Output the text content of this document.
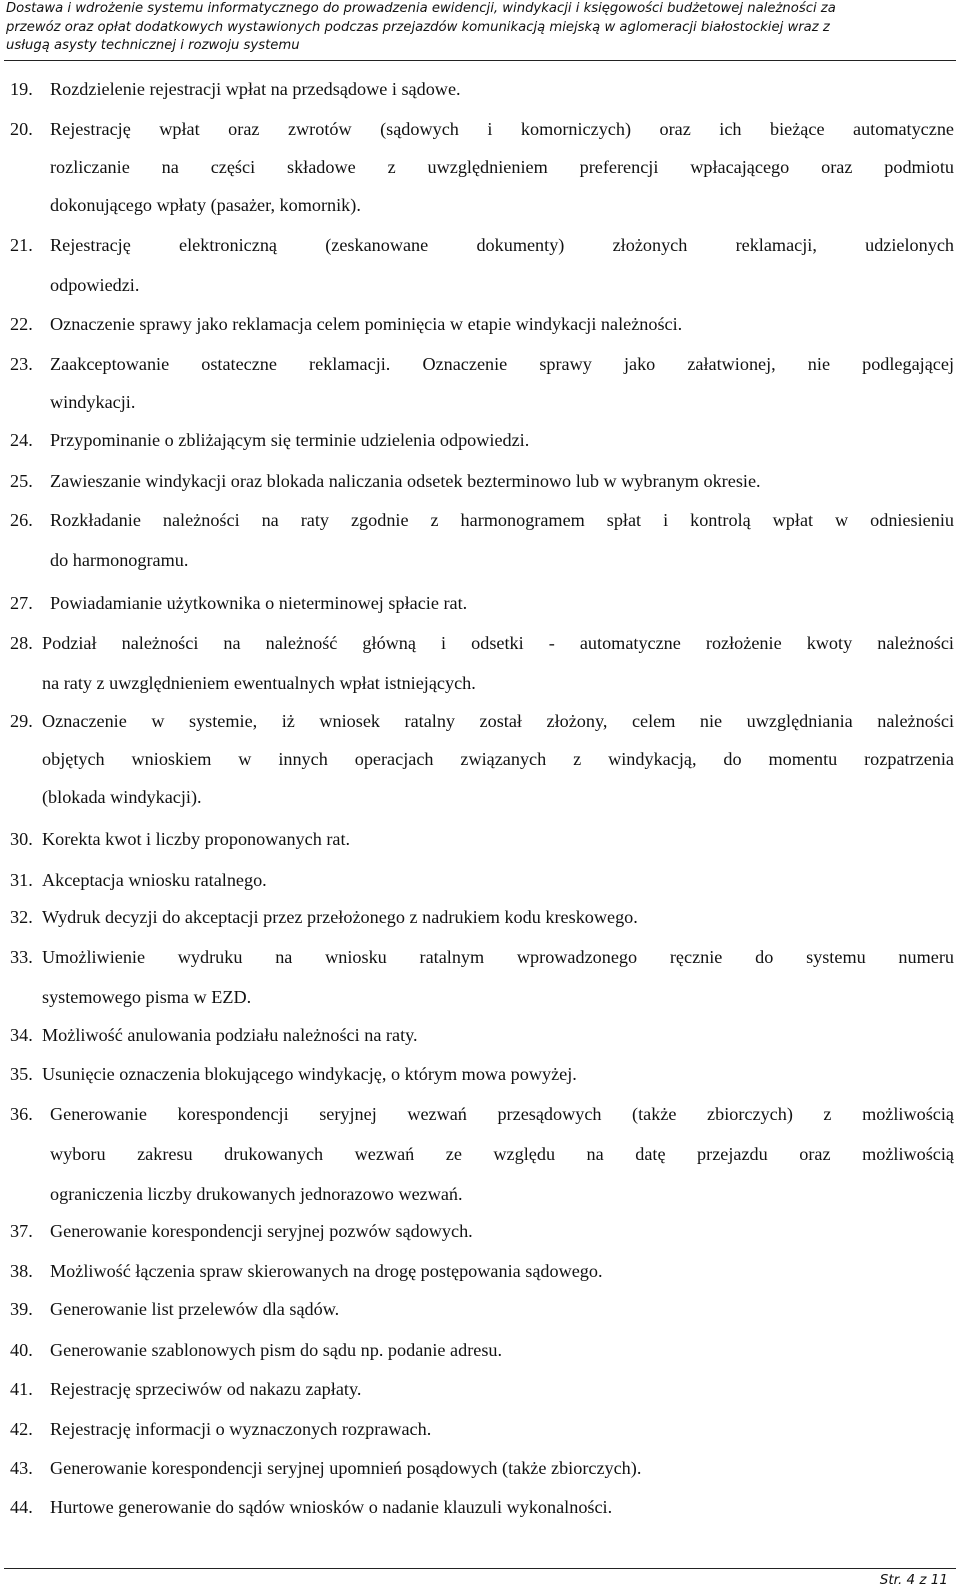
Dostawa i wdrożenie systemu informatycznego do prowadzenia ewidencji, windykacji i księgowości budżetowej należności za
przewóz oraz opłat dodatkowych wystawionych podczas przejazdów komunikacją miejską w aglomeracji białostockiej wraz z
usługą asysty technicznej i rozwoju systemu
19. Rozdzielenie rejestracji wpłat na przedsądowe i sądowe.
20. Rejestrację wpłat oraz zwrotów (sądowych i komorniczych) oraz ich bieżące automatyczne
rozliczanie na części składowe z uwzględnieniem preferencji wpłacającego oraz podmiotu
dokonującego wpłaty (pasażer, komornik).
21. Rejestrację elektroniczną (zeskanowane dokumenty) złożonych reklamacji, udzielonych
odpowiedzi.
22. Oznaczenie sprawy jako reklamacja celem pominięcia w etapie windykacji należności.
23. Zaakceptowanie ostateczne reklamacji. Oznaczenie sprawy jako załatwionej, nie podlegającej
windykacji.
24. Przypominanie o zbliżającym się terminie udzielenia odpowiedzi.
25. Zawieszanie windykacji oraz blokada naliczania odsetek bezterminowo lub w wybranym okresie.
26. Rozkładanie należności na raty zgodnie z harmonogramem spłat i kontrolą wpłat w odniesieniu
do harmonogramu.
27. Powiadamianie użytkownika o nieterminowej spłacie rat.
28. Podział należności na należność główną i odsetki - automatyczne rozłożenie kwoty należności
na raty z uwzględnieniem ewentualnych wpłat istniejących.
29. Oznaczenie w systemie, iż wniosek ratalny został złożony, celem nie uwzględniania należności
objętych wnioskiem w innych operacjach związanych z windykacją, do momentu rozpatrzenia
(blokada windykacji).
30. Korekta kwot i liczby proponowanych rat.
31. Akceptacja wniosku ratalnego.
32. Wydruk decyzji do akceptacji przez przełożonego z nadrukiem kodu kreskowego.
33. Umożliwienie wydruku na wniosku ratalnym wprowadzonego ręcznie do systemu numeru
systemowego pisma w EZD.
34. Możliwość anulowania podziału należności na raty.
35. Usunięcie oznaczenia blokującego windykację, o którym mowa powyżej.
36. Generowanie korespondencji seryjnej wezwań przesądowych (także zbiorczych) z możliwością
wyboru zakresu drukowanych wezwań ze względu na datę przejazdu oraz możliwością
ograniczenia liczby drukowanych jednorazowo wezwań.
37. Generowanie korespondencji seryjnej pozwów sądowych.
38. Możliwość łączenia spraw skierowanych na drogę postępowania sądowego.
39. Generowanie list przelewów dla sądów.
40. Generowanie szablonowych pism do sądu np. podanie adresu.
41. Rejestrację sprzeciwów od nakazu zapłaty.
42. Rejestrację informacji o wyznaczonych rozprawach.
43. Generowanie korespondencji seryjnej upomnień posądowych (także zbiorczych).
44. Hurtowe generowanie do sądów wniosków o nadanie klauzuli wykonalności.
Str. 4 z 11
